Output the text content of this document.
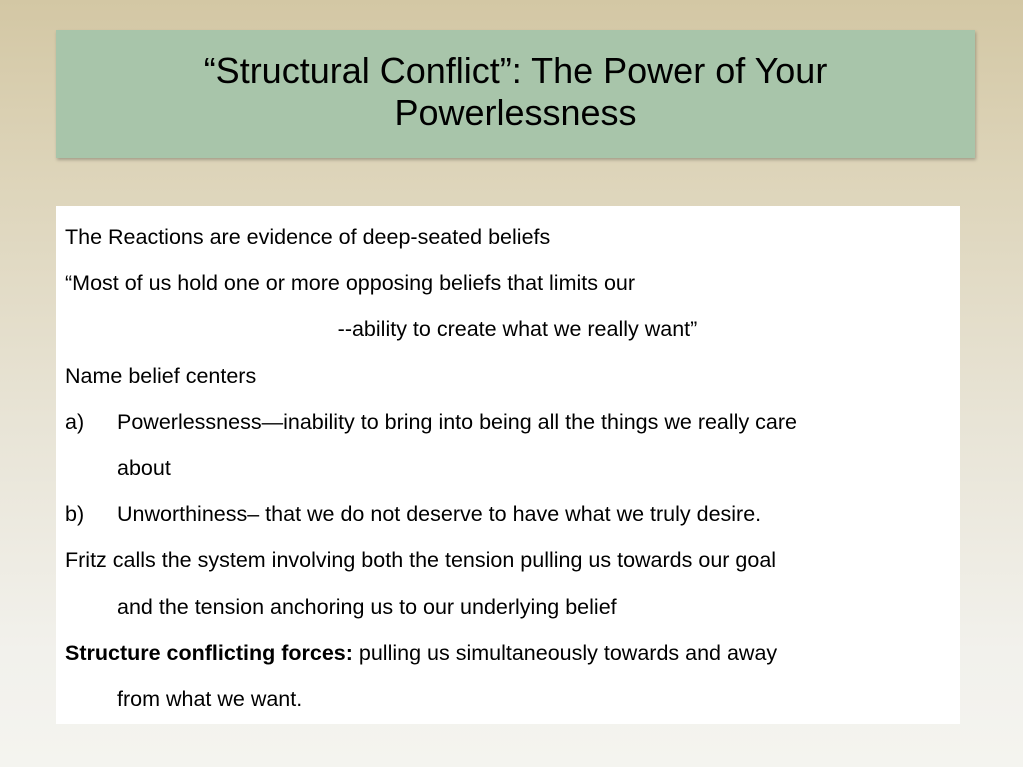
“Structural Conflict”: The Power of Your
Powerlessness
The Reactions are evidence of deep-seated beliefs
“Most of us hold one or more opposing beliefs that limits our
--ability to create what we really want”
Name belief centers
a) Powerlessness—inability to bring into being all the things we really care
about
b) Unworthiness– that we do not deserve to have what we truly desire.
Fritz calls the system involving both the tension pulling us towards our goal
and the tension anchoring us to our underlying belief
Structure conflicting forces: pulling us simultaneously towards and away
from what we want.
